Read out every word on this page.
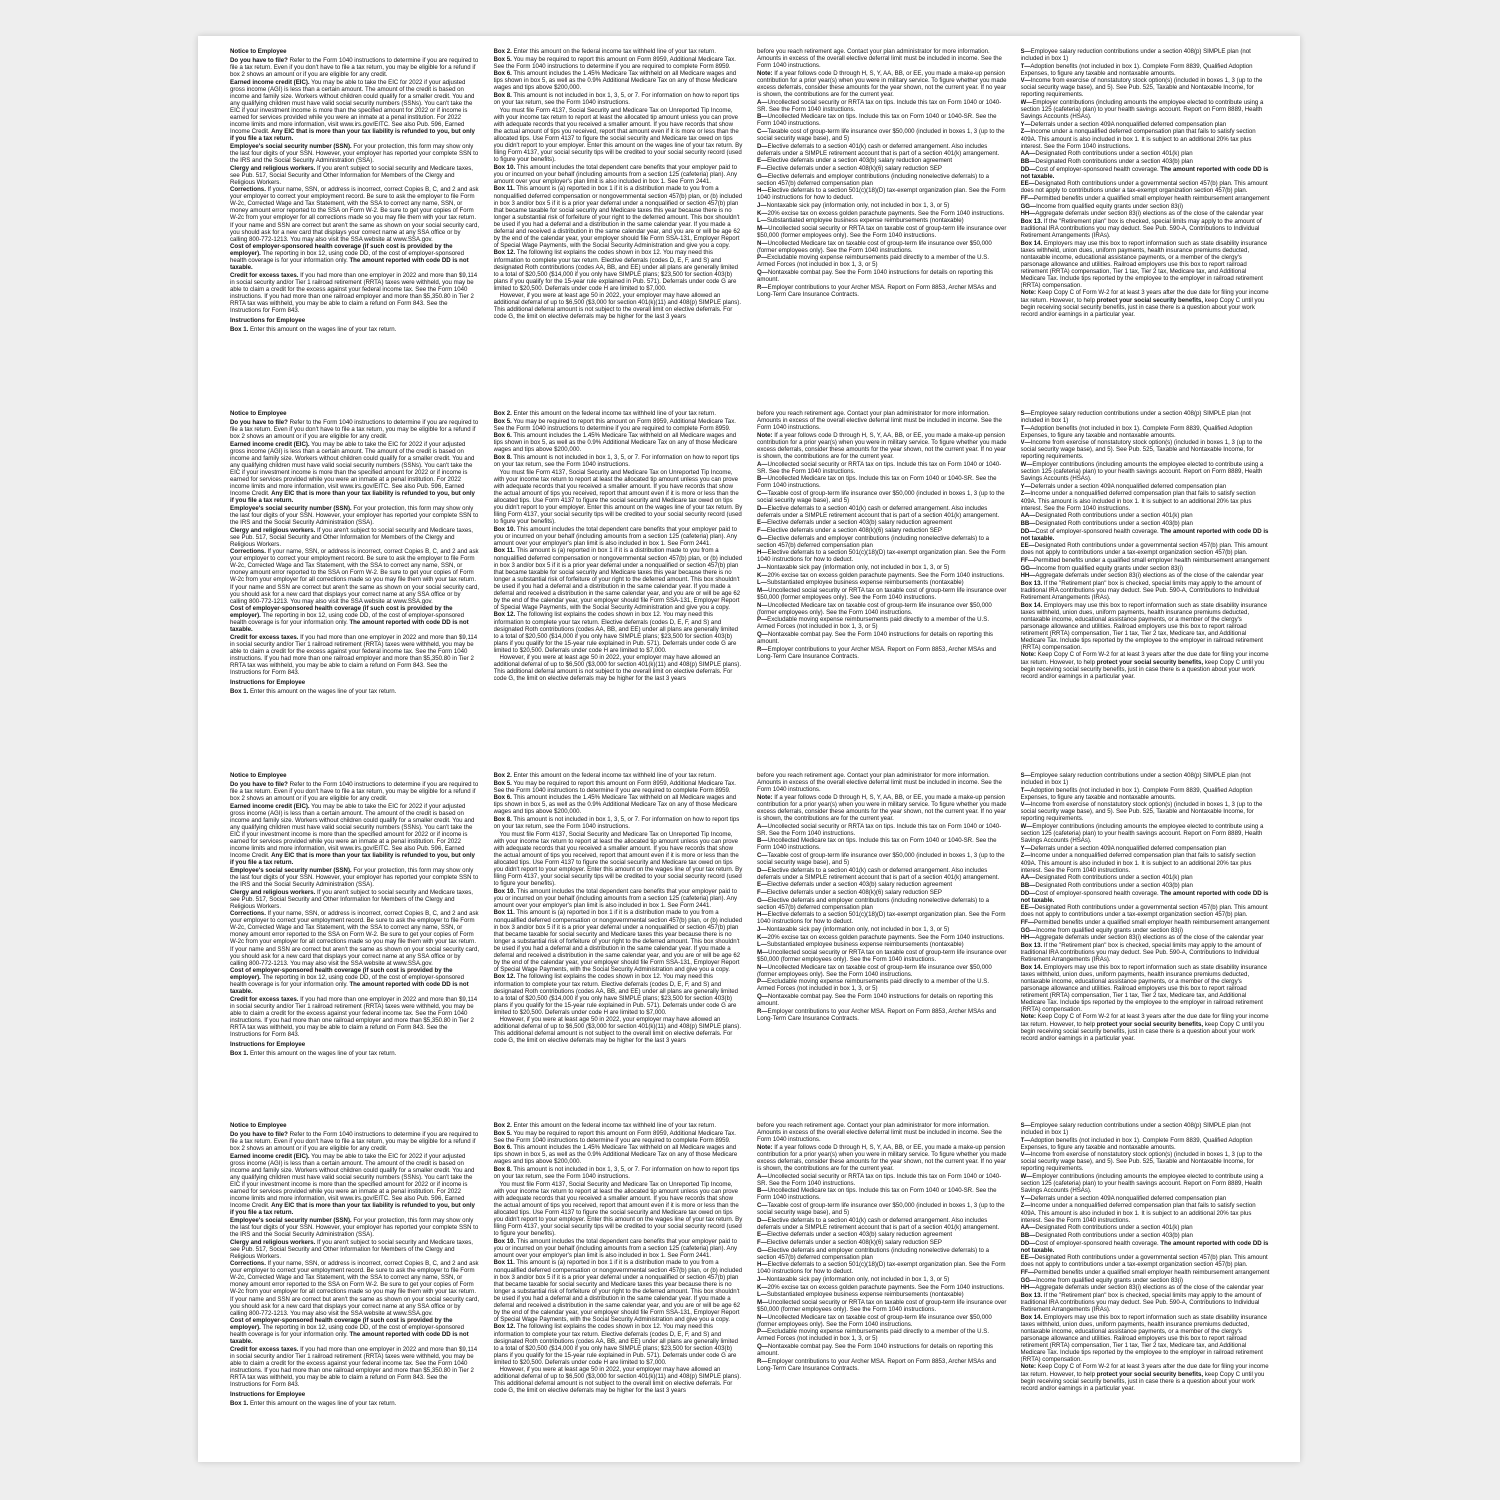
Notice to Employee

Do you have to file? Refer to the Form 1040 instructions to determine if you are required to file a tax return. Even if you don't have to file a tax return, you may be eligible for a refund if box 2 shows an amount or if you are eligible for any credit.

Earned income credit (EIC). You may be able to take the EIC for 2022 if your adjusted gross income (AGI) is less than a certain amount. The amount of the credit is based on income and family size. Workers without children could qualify for a smaller credit. You and any qualifying children must have valid social security numbers (SSNs). You can't take the EIC if your investment income is more than the specified amount for 2022 or if income is earned for services provided while you were an inmate at a penal institution. For 2022 income limits and more information, visit www.irs.gov/EITC. See also Pub. 596, Earned Income Credit. Any EIC that is more than your tax liability is refunded to you, but only if you file a tax return.

Employee's social security number (SSN). For your protection, this form may show only the last four digits of your SSN. However, your employer has reported your complete SSN to the IRS and the Social Security Administration (SSA).

Clergy and religious workers. If you aren't subject to social security and Medicare taxes, see Pub. 517, Social Security and Other Information for Members of the Clergy and Religious Workers.

Corrections. If your name, SSN, or address is incorrect, correct Copies B, C, and 2 and ask your employer to correct your employment record. Be sure to ask the employer to file Form W-2c, Corrected Wage and Tax Statement, with the SSA to correct any name, SSN, or money amount error reported to the SSA on Form W-2. Be sure to get your copies of Form W-2c from your employer for all corrections made so you may file them with your tax return. If your name and SSN are correct but aren't the same as shown on your social security card, you should ask for a new card that displays your correct name at any SSA office or by calling 800-772-1213. You may also visit the SSA website at www.SSA.gov.

Cost of employer-sponsored health coverage (if such cost is provided by the employer). The reporting in box 12, using code DD, of the cost of employer-sponsored health coverage is for your information only. The amount reported with code DD is not taxable.

Credit for excess taxes. If you had more than one employer in 2022 and more than $9,114 in social security and/or Tier 1 railroad retirement (RRTA) taxes were withheld, you may be able to claim a credit for the excess against your federal income tax. See the Form 1040 instructions. If you had more than one railroad employer and more than $5,350.80 in Tier 2 RRTA tax was withheld, you may be able to claim a refund on Form 843. See the Instructions for Form 843.

Instructions for Employee

Box 1. Enter this amount on the wages line of your tax return.

Box 2. Enter this amount on the federal income tax withheld line of your tax return.

Box 5. You may be required to report this amount on Form 8959, Additional Medicare Tax. See the Form 1040 instructions to determine if you are required to complete Form 8959.

Box 6. This amount includes the 1.45% Medicare Tax withheld on all Medicare wages and tips shown in box 5, as well as the 0.9% Additional Medicare Tax on any of those Medicare wages and tips above $200,000.

Box 8. This amount is not included in box 1, 3, 5, or 7. For information on how to report tips on your tax return, see the Form 1040 instructions.

You must file Form 4137, Social Security and Medicare Tax on Unreported Tip Income, with your income tax return to report at least the allocated tip amount unless you can prove with adequate records that you received a smaller amount. If you have records that show the actual amount of tips you received, report that amount even if it is more or less than the allocated tips. Use Form 4137 to figure the social security and Medicare tax owed on tips you didn't report to your employer. Enter this amount on the wages line of your tax return. By filing Form 4137, your social security tips will be credited to your social security record (used to figure your benefits).

Box 10. This amount includes the total dependent care benefits that your employer paid to you or incurred on your behalf (including amounts from a section 125 (cafeteria) plan). Any amount over your employer's plan limit is also included in box 1. See Form 2441.

Box 11. This amount is (a) reported in box 1 if it is a distribution made to you from a nonqualified deferred compensation or nongovernmental section 457(b) plan, or (b) included in box 3 and/or box 5 if it is a prior year deferral under a nonqualified or section 457(b) plan that became taxable for social security and Medicare taxes this year because there is no longer a substantial risk of forfeiture of your right to the deferred amount. This box shouldn't be used if you had a deferral and a distribution in the same calendar year. If you made a deferral and received a distribution in the same calendar year, and you are or will be age 62 by the end of the calendar year, your employer should file Form SSA-131, Employer Report of Special Wage Payments, with the Social Security Administration and give you a copy.

Box 12. The following list explains the codes shown in box 12. You may need this information to complete your tax return. Elective deferrals (codes D, E, F, and S) and designated Roth contributions (codes AA, BB, and EE) under all plans are generally limited to a total of $20,500 ($14,000 if you only have SIMPLE plans; $23,500 for section 403(b) plans if you qualify for the 15-year rule explained in Pub. 571). Deferrals under code G are limited to $20,500. Deferrals under code H are limited to $7,000.

However, if you were at least age 50 in 2022, your employer may have allowed an additional deferral of up to $6,500 ($3,000 for section 401(k)(11) and 408(p) SIMPLE plans). This additional deferral amount is not subject to the overall limit on elective deferrals. For code G, the limit on elective deferrals may be higher for the last 3 years

before you reach retirement age. Contact your plan administrator for more information. Amounts in excess of the overall elective deferral limit must be included in income. See the Form 1040 instructions.

Note: If a year follows code D through H, S, Y, AA, BB, or EE, you made a make-up pension contribution for a prior year(s) when you were in military service. To figure whether you made excess deferrals, consider these amounts for the year shown, not the current year. If no year is shown, the contributions are for the current year.

A—Uncollected social security or RRTA tax on tips. Include this tax on Form 1040 or 1040-SR. See the Form 1040 instructions.

B—Uncollected Medicare tax on tips. Include this tax on Form 1040 or 1040-SR. See the Form 1040 instructions.

C—Taxable cost of group-term life insurance over $50,000 (included in boxes 1, 3 (up to the social security wage base), and 5)

D—Elective deferrals to a section 401(k) cash or deferred arrangement. Also includes deferrals under a SIMPLE retirement account that is part of a section 401(k) arrangement.

E—Elective deferrals under a section 403(b) salary reduction agreement

F—Elective deferrals under a section 408(k)(6) salary reduction SEP

G—Elective deferrals and employer contributions (including nonelective deferrals) to a section 457(b) deferred compensation plan

H—Elective deferrals to a section 501(c)(18)(D) tax-exempt organization plan. See the Form 1040 instructions for how to deduct.

J—Nontaxable sick pay (information only, not included in box 1, 3, or 5)

K—20% excise tax on excess golden parachute payments. See the Form 1040 instructions.

L—Substantiated employee business expense reimbursements (nontaxable)

M—Uncollected social security or RRTA tax on taxable cost of group-term life insurance over $50,000 (former employees only). See the Form 1040 instructions.

N—Uncollected Medicare tax on taxable cost of group-term life insurance over $50,000 (former employees only). See the Form 1040 instructions.

P—Excludable moving expense reimbursements paid directly to a member of the U.S. Armed Forces (not included in box 1, 3, or 5)

Q—Nontaxable combat pay. See the Form 1040 instructions for details on reporting this amount.

R—Employer contributions to your Archer MSA. Report on Form 8853, Archer MSAs and Long-Term Care Insurance Contracts.

S—Employee salary reduction contributions under a section 408(p) SIMPLE plan (not included in box 1)

T—Adoption benefits (not included in box 1). Complete Form 8839, Qualified Adoption Expenses, to figure any taxable and nontaxable amounts.

V—Income from exercise of nonstatutory stock option(s) (included in boxes 1, 3 (up to the social security wage base), and 5). See Pub. 525, Taxable and Nontaxable Income, for reporting requirements.

W—Employer contributions (including amounts the employee elected to contribute using a section 125 (cafeteria) plan) to your health savings account. Report on Form 8889, Health Savings Accounts (HSAs).

Y—Deferrals under a section 409A nonqualified deferred compensation plan

Z—Income under a nonqualified deferred compensation plan that fails to satisfy section 409A. This amount is also included in box 1. It is subject to an additional 20% tax plus interest. See the Form 1040 instructions.

AA—Designated Roth contributions under a section 401(k) plan

BB—Designated Roth contributions under a section 403(b) plan

DD—Cost of employer-sponsored health coverage. The amount reported with code DD is not taxable.

EE—Designated Roth contributions under a governmental section 457(b) plan. This amount does not apply to contributions under a tax-exempt organization section 457(b) plan.

FF—Permitted benefits under a qualified small employer health reimbursement arrangement

GG—Income from qualified equity grants under section 83(i)

HH—Aggregate deferrals under section 83(i) elections as of the close of the calendar year

Box 13. If the "Retirement plan" box is checked, special limits may apply to the amount of traditional IRA contributions you may deduct. See Pub. 590-A, Contributions to Individual Retirement Arrangements (IRAs).

Box 14. Employers may use this box to report information such as state disability insurance taxes withheld, union dues, uniform payments, health insurance premiums deducted, nontaxable income, educational assistance payments, or a member of the clergy's parsonage allowance and utilities. Railroad employers use this box to report railroad retirement (RRTA) compensation, Tier 1 tax, Tier 2 tax, Medicare tax, and Additional Medicare Tax. Include tips reported by the employee to the employer in railroad retirement (RRTA) compensation.

Note: Keep Copy C of Form W-2 for at least 3 years after the due date for filing your income tax return. However, to help protect your social security benefits, keep Copy C until you begin receiving social security benefits, just in case there is a question about your work record and/or earnings in a particular year.

Notice to Employee

Do you have to file? Refer to the Form 1040 instructions to determine if you are required to file a tax return. Even if you don't have to file a tax return, you may be eligible for a refund if box 2 shows an amount or if you are eligible for any credit.

Earned income credit (EIC). You may be able to take the EIC for 2022 if your adjusted gross income (AGI) is less than a certain amount. The amount of the credit is based on income and family size. Workers without children could qualify for a smaller credit. You and any qualifying children must have valid social security numbers (SSNs). You can't take the EIC if your investment income is more than the specified amount for 2022 or if income is earned for services provided while you were an inmate at a penal institution. For 2022 income limits and more information, visit www.irs.gov/EITC. See also Pub. 596, Earned Income Credit. Any EIC that is more than your tax liability is refunded to you, but only if you file a tax return.

Employee's social security number (SSN). For your protection, this form may show only the last four digits of your SSN. However, your employer has reported your complete SSN to the IRS and the Social Security Administration (SSA).

Clergy and religious workers. If you aren't subject to social security and Medicare taxes, see Pub. 517, Social Security and Other Information for Members of the Clergy and Religious Workers.

Corrections. If your name, SSN, or address is incorrect, correct Copies B, C, and 2 and ask your employer to correct your employment record. Be sure to ask the employer to file Form W-2c, Corrected Wage and Tax Statement, with the SSA to correct any name, SSN, or money amount error reported to the SSA on Form W-2. Be sure to get your copies of Form W-2c from your employer for all corrections made so you may file them with your tax return. If your name and SSN are correct but aren't the same as shown on your social security card, you should ask for a new card that displays your correct name at any SSA office or by calling 800-772-1213. You may also visit the SSA website at www.SSA.gov.

Cost of employer-sponsored health coverage (if such cost is provided by the employer). The reporting in box 12, using code DD, of the cost of employer-sponsored health coverage is for your information only. The amount reported with code DD is not taxable.

Credit for excess taxes. If you had more than one employer in 2022 and more than $9,114 in social security and/or Tier 1 railroad retirement (RRTA) taxes were withheld, you may be able to claim a credit for the excess against your federal income tax. See the Form 1040 instructions. If you had more than one railroad employer and more than $5,350.80 in Tier 2 RRTA tax was withheld, you may be able to claim a refund on Form 843. See the Instructions for Form 843.

Instructions for Employee

Box 1. Enter this amount on the wages line of your tax return.

Box 2. Enter this amount on the federal income tax withheld line of your tax return.

Box 5. You may be required to report this amount on Form 8959, Additional Medicare Tax. See the Form 1040 instructions to determine if you are required to complete Form 8959.

Box 6. This amount includes the 1.45% Medicare Tax withheld on all Medicare wages and tips shown in box 5, as well as the 0.9% Additional Medicare Tax on any of those Medicare wages and tips above $200,000.

Box 8. This amount is not included in box 1, 3, 5, or 7. For information on how to report tips on your tax return, see the Form 1040 instructions.

You must file Form 4137, Social Security and Medicare Tax on Unreported Tip Income, with your income tax return to report at least the allocated tip amount unless you can prove with adequate records that you received a smaller amount. If you have records that show the actual amount of tips you received, report that amount even if it is more or less than the allocated tips. Use Form 4137 to figure the social security and Medicare tax owed on tips you didn't report to your employer. Enter this amount on the wages line of your tax return. By filing Form 4137, your social security tips will be credited to your social security record (used to figure your benefits).

Box 10. This amount includes the total dependent care benefits that your employer paid to you or incurred on your behalf (including amounts from a section 125 (cafeteria) plan). Any amount over your employer's plan limit is also included in box 1. See Form 2441.

Box 11. This amount is (a) reported in box 1 if it is a distribution made to you from a nonqualified deferred compensation or nongovernmental section 457(b) plan, or (b) included in box 3 and/or box 5 if it is a prior year deferral under a nonqualified or section 457(b) plan that became taxable for social security and Medicare taxes this year because there is no longer a substantial risk of forfeiture of your right to the deferred amount. This box shouldn't be used if you had a deferral and a distribution in the same calendar year. If you made a deferral and received a distribution in the same calendar year, and you are or will be age 62 by the end of the calendar year, your employer should file Form SSA-131, Employer Report of Special Wage Payments, with the Social Security Administration and give you a copy.

Box 12. The following list explains the codes shown in box 12. You may need this information to complete your tax return. Elective deferrals (codes D, E, F, and S) and designated Roth contributions (codes AA, BB, and EE) under all plans are generally limited to a total of $20,500 ($14,000 if you only have SIMPLE plans; $23,500 for section 403(b) plans if you qualify for the 15-year rule explained in Pub. 571). Deferrals under code G are limited to $20,500. Deferrals under code H are limited to $7,000.

However, if you were at least age 50 in 2022, your employer may have allowed an additional deferral of up to $6,500 ($3,000 for section 401(k)(11) and 408(p) SIMPLE plans). This additional deferral amount is not subject to the overall limit on elective deferrals. For code G, the limit on elective deferrals may be higher for the last 3 years

before you reach retirement age. Contact your plan administrator for more information. Amounts in excess of the overall elective deferral limit must be included in income. See the Form 1040 instructions.

Note: If a year follows code D through H, S, Y, AA, BB, or EE, you made a make-up pension contribution for a prior year(s) when you were in military service. To figure whether you made excess deferrals, consider these amounts for the year shown, not the current year. If no year is shown, the contributions are for the current year.

A—Uncollected social security or RRTA tax on tips. Include this tax on Form 1040 or 1040-SR. See the Form 1040 instructions.

B—Uncollected Medicare tax on tips. Include this tax on Form 1040 or 1040-SR. See the Form 1040 instructions.

C—Taxable cost of group-term life insurance over $50,000 (included in boxes 1, 3 (up to the social security wage base), and 5)

D—Elective deferrals to a section 401(k) cash or deferred arrangement. Also includes deferrals under a SIMPLE retirement account that is part of a section 401(k) arrangement.

E—Elective deferrals under a section 403(b) salary reduction agreement

F—Elective deferrals under a section 408(k)(6) salary reduction SEP

G—Elective deferrals and employer contributions (including nonelective deferrals) to a section 457(b) deferred compensation plan

H—Elective deferrals to a section 501(c)(18)(D) tax-exempt organization plan. See the Form 1040 instructions for how to deduct.

J—Nontaxable sick pay (information only, not included in box 1, 3, or 5)

K—20% excise tax on excess golden parachute payments. See the Form 1040 instructions.

L—Substantiated employee business expense reimbursements (nontaxable)

M—Uncollected social security or RRTA tax on taxable cost of group-term life insurance over $50,000 (former employees only). See the Form 1040 instructions.

N—Uncollected Medicare tax on taxable cost of group-term life insurance over $50,000 (former employees only). See the Form 1040 instructions.

P—Excludable moving expense reimbursements paid directly to a member of the U.S. Armed Forces (not included in box 1, 3, or 5)

Q—Nontaxable combat pay. See the Form 1040 instructions for details on reporting this amount.

R—Employer contributions to your Archer MSA. Report on Form 8853, Archer MSAs and Long-Term Care Insurance Contracts.

S—Employee salary reduction contributions under a section 408(p) SIMPLE plan (not included in box 1)

T—Adoption benefits (not included in box 1). Complete Form 8839, Qualified Adoption Expenses, to figure any taxable and nontaxable amounts.

V—Income from exercise of nonstatutory stock option(s) (included in boxes 1, 3 (up to the social security wage base), and 5). See Pub. 525, Taxable and Nontaxable Income, for reporting requirements.

W—Employer contributions (including amounts the employee elected to contribute using a section 125 (cafeteria) plan) to your health savings account. Report on Form 8889, Health Savings Accounts (HSAs).

Y—Deferrals under a section 409A nonqualified deferred compensation plan

Z—Income under a nonqualified deferred compensation plan that fails to satisfy section 409A. This amount is also included in box 1. It is subject to an additional 20% tax plus interest. See the Form 1040 instructions.

AA—Designated Roth contributions under a section 401(k) plan

BB—Designated Roth contributions under a section 403(b) plan

DD—Cost of employer-sponsored health coverage. The amount reported with code DD is not taxable.

EE—Designated Roth contributions under a governmental section 457(b) plan. This amount does not apply to contributions under a tax-exempt organization section 457(b) plan.

FF—Permitted benefits under a qualified small employer health reimbursement arrangement

GG—Income from qualified equity grants under section 83(i)

HH—Aggregate deferrals under section 83(i) elections as of the close of the calendar year

Box 13. If the "Retirement plan" box is checked, special limits may apply to the amount of traditional IRA contributions you may deduct. See Pub. 590-A, Contributions to Individual Retirement Arrangements (IRAs).

Box 14. Employers may use this box to report information such as state disability insurance taxes withheld, union dues, uniform payments, health insurance premiums deducted, nontaxable income, educational assistance payments, or a member of the clergy's parsonage allowance and utilities. Railroad employers use this box to report railroad retirement (RRTA) compensation, Tier 1 tax, Tier 2 tax, Medicare tax, and Additional Medicare Tax. Include tips reported by the employee to the employer in railroad retirement (RRTA) compensation.

Note: Keep Copy C of Form W-2 for at least 3 years after the due date for filing your income tax return. However, to help protect your social security benefits, keep Copy C until you begin receiving social security benefits, just in case there is a question about your work record and/or earnings in a particular year.

Notice to Employee

Do you have to file? Refer to the Form 1040 instructions to determine if you are required to file a tax return. Even if you don't have to file a tax return, you may be eligible for a refund if box 2 shows an amount or if you are eligible for any credit.

Earned income credit (EIC). You may be able to take the EIC for 2022 if your adjusted gross income (AGI) is less than a certain amount. The amount of the credit is based on income and family size. Workers without children could qualify for a smaller credit. You and any qualifying children must have valid social security numbers (SSNs). You can't take the EIC if your investment income is more than the specified amount for 2022 or if income is earned for services provided while you were an inmate at a penal institution. For 2022 income limits and more information, visit www.irs.gov/EITC. See also Pub. 596, Earned Income Credit. Any EIC that is more than your tax liability is refunded to you, but only if you file a tax return.

Employee's social security number (SSN). For your protection, this form may show only the last four digits of your SSN. However, your employer has reported your complete SSN to the IRS and the Social Security Administration (SSA).

Clergy and religious workers. If you aren't subject to social security and Medicare taxes, see Pub. 517, Social Security and Other Information for Members of the Clergy and Religious Workers.

Corrections. If your name, SSN, or address is incorrect, correct Copies B, C, and 2 and ask your employer to correct your employment record. Be sure to ask the employer to file Form W-2c, Corrected Wage and Tax Statement, with the SSA to correct any name, SSN, or money amount error reported to the SSA on Form W-2. Be sure to get your copies of Form W-2c from your employer for all corrections made so you may file them with your tax return. If your name and SSN are correct but aren't the same as shown on your social security card, you should ask for a new card that displays your correct name at any SSA office or by calling 800-772-1213. You may also visit the SSA website at www.SSA.gov.

Cost of employer-sponsored health coverage (if such cost is provided by the employer). The reporting in box 12, using code DD, of the cost of employer-sponsored health coverage is for your information only. The amount reported with code DD is not taxable.

Credit for excess taxes. If you had more than one employer in 2022 and more than $9,114 in social security and/or Tier 1 railroad retirement (RRTA) taxes were withheld, you may be able to claim a credit for the excess against your federal income tax. See the Form 1040 instructions. If you had more than one railroad employer and more than $5,350.80 in Tier 2 RRTA tax was withheld, you may be able to claim a refund on Form 843. See the Instructions for Form 843.

Instructions for Employee

Box 1. Enter this amount on the wages line of your tax return.

Box 2. Enter this amount on the federal income tax withheld line of your tax return.

Box 5. You may be required to report this amount on Form 8959, Additional Medicare Tax. See the Form 1040 instructions to determine if you are required to complete Form 8959.

Box 6. This amount includes the 1.45% Medicare Tax withheld on all Medicare wages and tips shown in box 5, as well as the 0.9% Additional Medicare Tax on any of those Medicare wages and tips above $200,000.

Box 8. This amount is not included in box 1, 3, 5, or 7. For information on how to report tips on your tax return, see the Form 1040 instructions.

You must file Form 4137, Social Security and Medicare Tax on Unreported Tip Income, with your income tax return to report at least the allocated tip amount unless you can prove with adequate records that you received a smaller amount. If you have records that show the actual amount of tips you received, report that amount even if it is more or less than the allocated tips. Use Form 4137 to figure the social security and Medicare tax owed on tips you didn't report to your employer. Enter this amount on the wages line of your tax return. By filing Form 4137, your social security tips will be credited to your social security record (used to figure your benefits).

Box 10. This amount includes the total dependent care benefits that your employer paid to you or incurred on your behalf (including amounts from a section 125 (cafeteria) plan). Any amount over your employer's plan limit is also included in box 1. See Form 2441.

Box 11. This amount is (a) reported in box 1 if it is a distribution made to you from a nonqualified deferred compensation or nongovernmental section 457(b) plan, or (b) included in box 3 and/or box 5 if it is a prior year deferral under a nonqualified or section 457(b) plan that became taxable for social security and Medicare taxes this year because there is no longer a substantial risk of forfeiture of your right to the deferred amount. This box shouldn't be used if you had a deferral and a distribution in the same calendar year. If you made a deferral and received a distribution in the same calendar year, and you are or will be age 62 by the end of the calendar year, your employer should file Form SSA-131, Employer Report of Special Wage Payments, with the Social Security Administration and give you a copy.

Box 12. The following list explains the codes shown in box 12. You may need this information to complete your tax return. Elective deferrals (codes D, E, F, and S) and designated Roth contributions (codes AA, BB, and EE) under all plans are generally limited to a total of $20,500 ($14,000 if you only have SIMPLE plans; $23,500 for section 403(b) plans if you qualify for the 15-year rule explained in Pub. 571). Deferrals under code G are limited to $20,500. Deferrals under code H are limited to $7,000.

However, if you were at least age 50 in 2022, your employer may have allowed an additional deferral of up to $6,500 ($3,000 for section 401(k)(11) and 408(p) SIMPLE plans). This additional deferral amount is not subject to the overall limit on elective deferrals. For code G, the limit on elective deferrals may be higher for the last 3 years

before you reach retirement age. Contact your plan administrator for more information. Amounts in excess of the overall elective deferral limit must be included in income. See the Form 1040 instructions.

Note: If a year follows code D through H, S, Y, AA, BB, or EE, you made a make-up pension contribution for a prior year(s) when you were in military service. To figure whether you made excess deferrals, consider these amounts for the year shown, not the current year. If no year is shown, the contributions are for the current year.

A—Uncollected social security or RRTA tax on tips. Include this tax on Form 1040 or 1040-SR. See the Form 1040 instructions.

B—Uncollected Medicare tax on tips. Include this tax on Form 1040 or 1040-SR. See the Form 1040 instructions.

C—Taxable cost of group-term life insurance over $50,000 (included in boxes 1, 3 (up to the social security wage base), and 5)

D—Elective deferrals to a section 401(k) cash or deferred arrangement. Also includes deferrals under a SIMPLE retirement account that is part of a section 401(k) arrangement.

E—Elective deferrals under a section 403(b) salary reduction agreement

F—Elective deferrals under a section 408(k)(6) salary reduction SEP

G—Elective deferrals and employer contributions (including nonelective deferrals) to a section 457(b) deferred compensation plan

H—Elective deferrals to a section 501(c)(18)(D) tax-exempt organization plan. See the Form 1040 instructions for how to deduct.

J—Nontaxable sick pay (information only, not included in box 1, 3, or 5)

K—20% excise tax on excess golden parachute payments. See the Form 1040 instructions.

L—Substantiated employee business expense reimbursements (nontaxable)

M—Uncollected social security or RRTA tax on taxable cost of group-term life insurance over $50,000 (former employees only). See the Form 1040 instructions.

N—Uncollected Medicare tax on taxable cost of group-term life insurance over $50,000 (former employees only). See the Form 1040 instructions.

P—Excludable moving expense reimbursements paid directly to a member of the U.S. Armed Forces (not included in box 1, 3, or 5)

Q—Nontaxable combat pay. See the Form 1040 instructions for details on reporting this amount.

R—Employer contributions to your Archer MSA. Report on Form 8853, Archer MSAs and Long-Term Care Insurance Contracts.

S—Employee salary reduction contributions under a section 408(p) SIMPLE plan (not included in box 1)

T—Adoption benefits (not included in box 1). Complete Form 8839, Qualified Adoption Expenses, to figure any taxable and nontaxable amounts.

V—Income from exercise of nonstatutory stock option(s) (included in boxes 1, 3 (up to the social security wage base), and 5). See Pub. 525, Taxable and Nontaxable Income, for reporting requirements.

W—Employer contributions (including amounts the employee elected to contribute using a section 125 (cafeteria) plan) to your health savings account. Report on Form 8889, Health Savings Accounts (HSAs).

Y—Deferrals under a section 409A nonqualified deferred compensation plan

Z—Income under a nonqualified deferred compensation plan that fails to satisfy section 409A. This amount is also included in box 1. It is subject to an additional 20% tax plus interest. See the Form 1040 instructions.

AA—Designated Roth contributions under a section 401(k) plan

BB—Designated Roth contributions under a section 403(b) plan

DD—Cost of employer-sponsored health coverage. The amount reported with code DD is not taxable.

EE—Designated Roth contributions under a governmental section 457(b) plan. This amount does not apply to contributions under a tax-exempt organization section 457(b) plan.

FF—Permitted benefits under a qualified small employer health reimbursement arrangement

GG—Income from qualified equity grants under section 83(i)

HH—Aggregate deferrals under section 83(i) elections as of the close of the calendar year

Box 13. If the "Retirement plan" box is checked, special limits may apply to the amount of traditional IRA contributions you may deduct. See Pub. 590-A, Contributions to Individual Retirement Arrangements (IRAs).

Box 14. Employers may use this box to report information such as state disability insurance taxes withheld, union dues, uniform payments, health insurance premiums deducted, nontaxable income, educational assistance payments, or a member of the clergy's parsonage allowance and utilities. Railroad employers use this box to report railroad retirement (RRTA) compensation, Tier 1 tax, Tier 2 tax, Medicare tax, and Additional Medicare Tax. Include tips reported by the employee to the employer in railroad retirement (RRTA) compensation.

Note: Keep Copy C of Form W-2 for at least 3 years after the due date for filing your income tax return. However, to help protect your social security benefits, keep Copy C until you begin receiving social security benefits, just in case there is a question about your work record and/or earnings in a particular year.

Notice to Employee

Do you have to file? Refer to the Form 1040 instructions to determine if you are required to file a tax return. Even if you don't have to file a tax return, you may be eligible for a refund if box 2 shows an amount or if you are eligible for any credit.

Earned income credit (EIC). You may be able to take the EIC for 2022 if your adjusted gross income (AGI) is less than a certain amount. The amount of the credit is based on income and family size. Workers without children could qualify for a smaller credit. You and any qualifying children must have valid social security numbers (SSNs). You can't take the EIC if your investment income is more than the specified amount for 2022 or if income is earned for services provided while you were an inmate at a penal institution. For 2022 income limits and more information, visit www.irs.gov/EITC. See also Pub. 596, Earned Income Credit. Any EIC that is more than your tax liability is refunded to you, but only if you file a tax return.

Employee's social security number (SSN). For your protection, this form may show only the last four digits of your SSN. However, your employer has reported your complete SSN to the IRS and the Social Security Administration (SSA).

Clergy and religious workers. If you aren't subject to social security and Medicare taxes, see Pub. 517, Social Security and Other Information for Members of the Clergy and Religious Workers.

Corrections. If your name, SSN, or address is incorrect, correct Copies B, C, and 2 and ask your employer to correct your employment record. Be sure to ask the employer to file Form W-2c, Corrected Wage and Tax Statement, with the SSA to correct any name, SSN, or money amount error reported to the SSA on Form W-2. Be sure to get your copies of Form W-2c from your employer for all corrections made so you may file them with your tax return. If your name and SSN are correct but aren't the same as shown on your social security card, you should ask for a new card that displays your correct name at any SSA office or by calling 800-772-1213. You may also visit the SSA website at www.SSA.gov.

Cost of employer-sponsored health coverage (if such cost is provided by the employer). The reporting in box 12, using code DD, of the cost of employer-sponsored health coverage is for your information only. The amount reported with code DD is not taxable.

Credit for excess taxes. If you had more than one employer in 2022 and more than $9,114 in social security and/or Tier 1 railroad retirement (RRTA) taxes were withheld, you may be able to claim a credit for the excess against your federal income tax. See the Form 1040 instructions. If you had more than one railroad employer and more than $5,350.80 in Tier 2 RRTA tax was withheld, you may be able to claim a refund on Form 843. See the Instructions for Form 843.

Instructions for Employee

Box 1. Enter this amount on the wages line of your tax return.

Box 2. Enter this amount on the federal income tax withheld line of your tax return.

Box 5. You may be required to report this amount on Form 8959, Additional Medicare Tax. See the Form 1040 instructions to determine if you are required to complete Form 8959.

Box 6. This amount includes the 1.45% Medicare Tax withheld on all Medicare wages and tips shown in box 5, as well as the 0.9% Additional Medicare Tax on any of those Medicare wages and tips above $200,000.

Box 8. This amount is not included in box 1, 3, 5, or 7. For information on how to report tips on your tax return, see the Form 1040 instructions.

You must file Form 4137, Social Security and Medicare Tax on Unreported Tip Income, with your income tax return to report at least the allocated tip amount unless you can prove with adequate records that you received a smaller amount. If you have records that show the actual amount of tips you received, report that amount even if it is more or less than the allocated tips. Use Form 4137 to figure the social security and Medicare tax owed on tips you didn't report to your employer. Enter this amount on the wages line of your tax return. By filing Form 4137, your social security tips will be credited to your social security record (used to figure your benefits).

Box 10. This amount includes the total dependent care benefits that your employer paid to you or incurred on your behalf (including amounts from a section 125 (cafeteria) plan). Any amount over your employer's plan limit is also included in box 1. See Form 2441.

Box 11. This amount is (a) reported in box 1 if it is a distribution made to you from a nonqualified deferred compensation or nongovernmental section 457(b) plan, or (b) included in box 3 and/or box 5 if it is a prior year deferral under a nonqualified or section 457(b) plan that became taxable for social security and Medicare taxes this year because there is no longer a substantial risk of forfeiture of your right to the deferred amount. This box shouldn't be used if you had a deferral and a distribution in the same calendar year. If you made a deferral and received a distribution in the same calendar year, and you are or will be age 62 by the end of the calendar year, your employer should file Form SSA-131, Employer Report of Special Wage Payments, with the Social Security Administration and give you a copy.

Box 12. The following list explains the codes shown in box 12. You may need this information to complete your tax return. Elective deferrals (codes D, E, F, and S) and designated Roth contributions (codes AA, BB, and EE) under all plans are generally limited to a total of $20,500 ($14,000 if you only have SIMPLE plans; $23,500 for section 403(b) plans if you qualify for the 15-year rule explained in Pub. 571). Deferrals under code G are limited to $20,500. Deferrals under code H are limited to $7,000.

However, if you were at least age 50 in 2022, your employer may have allowed an additional deferral of up to $6,500 ($3,000 for section 401(k)(11) and 408(p) SIMPLE plans). This additional deferral amount is not subject to the overall limit on elective deferrals. For code G, the limit on elective deferrals may be higher for the last 3 years

before you reach retirement age. Contact your plan administrator for more information. Amounts in excess of the overall elective deferral limit must be included in income. See the Form 1040 instructions.

Note: If a year follows code D through H, S, Y, AA, BB, or EE, you made a make-up pension contribution for a prior year(s) when you were in military service. To figure whether you made excess deferrals, consider these amounts for the year shown, not the current year. If no year is shown, the contributions are for the current year.

A—Uncollected social security or RRTA tax on tips. Include this tax on Form 1040 or 1040-SR. See the Form 1040 instructions.

B—Uncollected Medicare tax on tips. Include this tax on Form 1040 or 1040-SR. See the Form 1040 instructions.

C—Taxable cost of group-term life insurance over $50,000 (included in boxes 1, 3 (up to the social security wage base), and 5)

D—Elective deferrals to a section 401(k) cash or deferred arrangement. Also includes deferrals under a SIMPLE retirement account that is part of a section 401(k) arrangement.

E—Elective deferrals under a section 403(b) salary reduction agreement

F—Elective deferrals under a section 408(k)(6) salary reduction SEP

G—Elective deferrals and employer contributions (including nonelective deferrals) to a section 457(b) deferred compensation plan

H—Elective deferrals to a section 501(c)(18)(D) tax-exempt organization plan. See the Form 1040 instructions for how to deduct.

J—Nontaxable sick pay (information only, not included in box 1, 3, or 5)

K—20% excise tax on excess golden parachute payments. See the Form 1040 instructions.

L—Substantiated employee business expense reimbursements (nontaxable)

M—Uncollected social security or RRTA tax on taxable cost of group-term life insurance over $50,000 (former employees only). See the Form 1040 instructions.

N—Uncollected Medicare tax on taxable cost of group-term life insurance over $50,000 (former employees only). See the Form 1040 instructions.

P—Excludable moving expense reimbursements paid directly to a member of the U.S. Armed Forces (not included in box 1, 3, or 5)

Q—Nontaxable combat pay. See the Form 1040 instructions for details on reporting this amount.

R—Employer contributions to your Archer MSA. Report on Form 8853, Archer MSAs and Long-Term Care Insurance Contracts.

S—Employee salary reduction contributions under a section 408(p) SIMPLE plan (not included in box 1)

T—Adoption benefits (not included in box 1). Complete Form 8839, Qualified Adoption Expenses, to figure any taxable and nontaxable amounts.

V—Income from exercise of nonstatutory stock option(s) (included in boxes 1, 3 (up to the social security wage base), and 5). See Pub. 525, Taxable and Nontaxable Income, for reporting requirements.

W—Employer contributions (including amounts the employee elected to contribute using a section 125 (cafeteria) plan) to your health savings account. Report on Form 8889, Health Savings Accounts (HSAs).

Y—Deferrals under a section 409A nonqualified deferred compensation plan

Z—Income under a nonqualified deferred compensation plan that fails to satisfy section 409A. This amount is also included in box 1. It is subject to an additional 20% tax plus interest. See the Form 1040 instructions.

AA—Designated Roth contributions under a section 401(k) plan

BB—Designated Roth contributions under a section 403(b) plan

DD—Cost of employer-sponsored health coverage. The amount reported with code DD is not taxable.

EE—Designated Roth contributions under a governmental section 457(b) plan. This amount does not apply to contributions under a tax-exempt organization section 457(b) plan.

FF—Permitted benefits under a qualified small employer health reimbursement arrangement

GG—Income from qualified equity grants under section 83(i)

HH—Aggregate deferrals under section 83(i) elections as of the close of the calendar year

Box 13. If the "Retirement plan" box is checked, special limits may apply to the amount of traditional IRA contributions you may deduct. See Pub. 590-A, Contributions to Individual Retirement Arrangements (IRAs).

Box 14. Employers may use this box to report information such as state disability insurance taxes withheld, union dues, uniform payments, health insurance premiums deducted, nontaxable income, educational assistance payments, or a member of the clergy's parsonage allowance and utilities. Railroad employers use this box to report railroad retirement (RRTA) compensation, Tier 1 tax, Tier 2 tax, Medicare tax, and Additional Medicare Tax. Include tips reported by the employee to the employer in railroad retirement (RRTA) compensation.

Note: Keep Copy C of Form W-2 for at least 3 years after the due date for filing your income tax return. However, to help protect your social security benefits, keep Copy C until you begin receiving social security benefits, just in case there is a question about your work record and/or earnings in a particular year.
